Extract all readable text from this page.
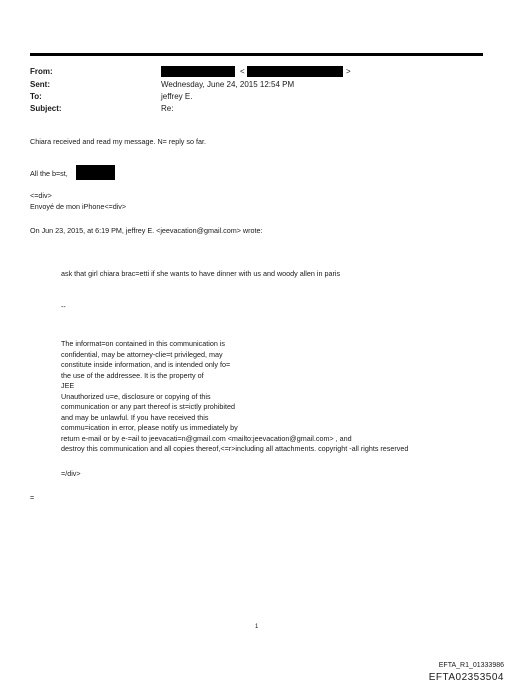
From:
Sent:
To:
Subject:
<	>
Wednesday, June 24, 2015 12:54 PM
jeffrey E.
Re:
Chiara received and read my message. N= reply so far.
All the b=st,
<=div>
Envoyé de mon iPhone<=div>
On Jun 23, 2015, at 6:19 PM, jeffrey E. <jeevacation@gmail.com> wrote:
ask that girl chiara brac=etti if she wants to have dinner with us and woody allen in paris
--
The informat=on contained in this communication is
confidential, may be attorney-clie=t privileged, may
constitute inside information, and is intended only fo=
the use of the addressee. It is the property of
JEE
Unauthorized u=e, disclosure or copying of this
communication or any part thereof is st=ictly prohibited
and may be unlawful. If you have received this
commu=ication in error, please notify us immediately by
return e-mail or by e-=ail to jeevacati=n@gmail.com <mailto:jeevacation@gmail.com> , and
destroy this communication and all copies thereof,<=r>including all attachments. copyright -all rights reserved
=/div>
=
1
EFTA_R1_01333986
EFTA02353504
